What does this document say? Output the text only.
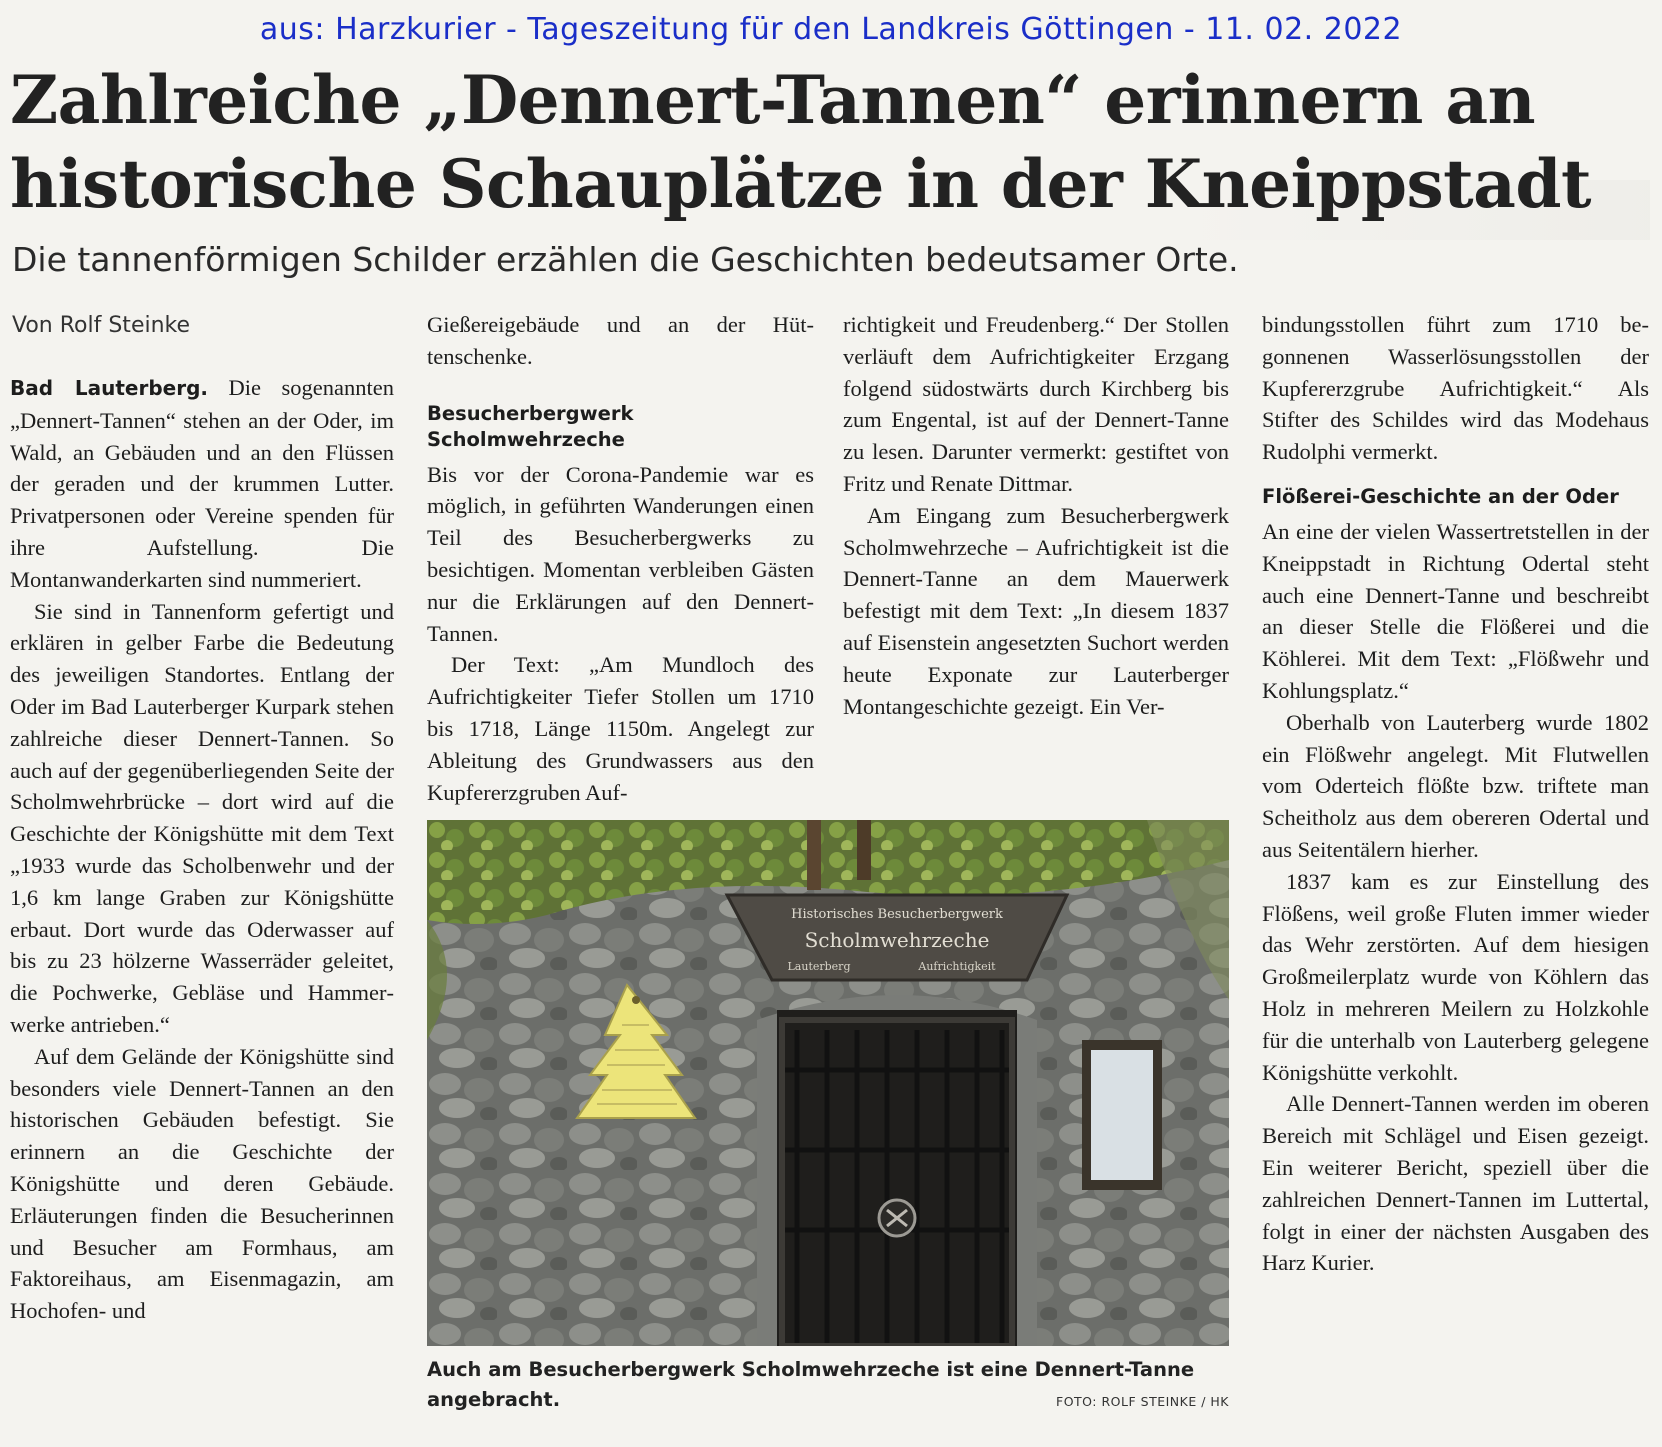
aus: Harzkurier - Tageszeitung für den Landkreis Göttingen - 11. 02. 2022
Zahlreiche „Dennert-Tannen“ erinnern an
historische Schauplätze in der Kneippstadt
Die tannenförmigen Schilder erzählen die Geschichten bedeutsamer Orte.
Von Rolf Steinke

Bad Lauterberg. Die sogenannten „Dennert-Tannen“ stehen an der Oder, im Wald, an Gebäuden und an den Flüssen der geraden und der krummen Lutter. Privatpersonen oder Vereine spenden für ihre Aufstellung. Die Montanwanderkarten sind nummeriert.

Sie sind in Tannenform gefertigt und erklären in gelber Farbe die Bedeutung des jeweiligen Standortes. Entlang der Oder im Bad Lauterberger Kurpark stehen zahlreiche dieser Dennert-Tannen. So auch auf der gegenüberliegenden Seite der Scholmwehrbrücke – dort wird auf die Geschichte der Königshütte mit dem Text „1933 wurde das Scholbenwehr und der 1,6 km lange Graben zur Königshütte erbaut. Dort wurde das Oderwasser auf bis zu 23 hölzerne Wasserräder geleitet, die Pochwerke, Gebläse und Hammerwerke antrieben.“

Auf dem Gelände der Königshütte sind besonders viele Dennert-Tannen an den historischen Gebäuden befestigt. Sie erinnern an die Geschichte der Königshütte und deren Gebäude. Erläuterungen finden die Besucherinnen und Besucher am Formhaus, am Faktoreihaus, am Eisenmagazin, am Hochofen- und

Gießereigebäude und an der Hüttenschenke.

Besucherbergwerk Scholmwehrzeche

Bis vor der Corona-Pandemie war es möglich, in geführten Wanderungen einen Teil des Besucherbergwerks zu besichtigen. Momentan verbleiben Gästen nur die Erklärungen auf den Dennert-Tannen.

Der Text: „Am Mundloch des Aufrichtigkeiter Tiefer Stollen um 1710 bis 1718, Länge 1150m. Angelegt zur Ableitung des Grundwassers aus den Kupfererzgruben Auf-

richtigkeit und Freudenberg.“ Der Stollen verläuft dem Aufrichtigkeiter Erzgang folgend südostwärts durch Kirchberg bis zum Engental, ist auf der Dennert-Tanne zu lesen. Darunter vermerkt: gestiftet von Fritz und Renate Dittmar.

Am Eingang zum Besucherbergwerk Scholmwehrzeche – Aufrichtigkeit ist die Dennert-Tanne an dem Mauerwerk befestigt mit dem Text: „In diesem 1837 auf Eisenstein angesetzten Suchort werden heute Exponate zur Lauterberger Montangeschichte gezeigt. Ein Ver-

bindungsstollen führt zum 1710 begonnenen Wasserlösungsstollen der Kupfererzgrube Aufrichtigkeit.“ Als Stifter des Schildes wird das Modehaus Rudolphi vermerkt.

Flößerei-Geschichte an der Oder

An eine der vielen Wassertretstellen in der Kneippstadt in Richtung Odertal steht auch eine Dennert-Tanne und beschreibt an dieser Stelle die Flößerei und die Köhlerei. Mit dem Text: „Flößwehr und Kohlungsplatz.“

Oberhalb von Lauterberg wurde 1802 ein Flößwehr angelegt. Mit Flutwellen vom Oderteich flößte bzw. triftete man Scheitholz aus dem obereren Odertal und aus Seitentälern hierher.

1837 kam es zur Einstellung des Flößens, weil große Fluten immer wieder das Wehr zerstörten. Auf dem hiesigen Großmeilerplatz wurde von Köhlern das Holz in mehreren Meilern zu Holzkohle für die unterhalb von Lauterberg gelegene Königshütte verkohlt.

Alle Dennert-Tannen werden im oberen Bereich mit Schlägel und Eisen gezeigt. Ein weiterer Bericht, speziell über die zahlreichen Dennert-Tannen im Luttertal, folgt in einer der nächsten Ausgaben des Harz Kurier.

Historisches Besucherbergwerk
Scholmwehrzeche
Lauterberg	Aufrichtigkeit
Auch am Besucherbergwerk Scholmwehrzeche ist eine Dennert-Tanne angebracht.	FOTO: ROLF STEINKE / HK
